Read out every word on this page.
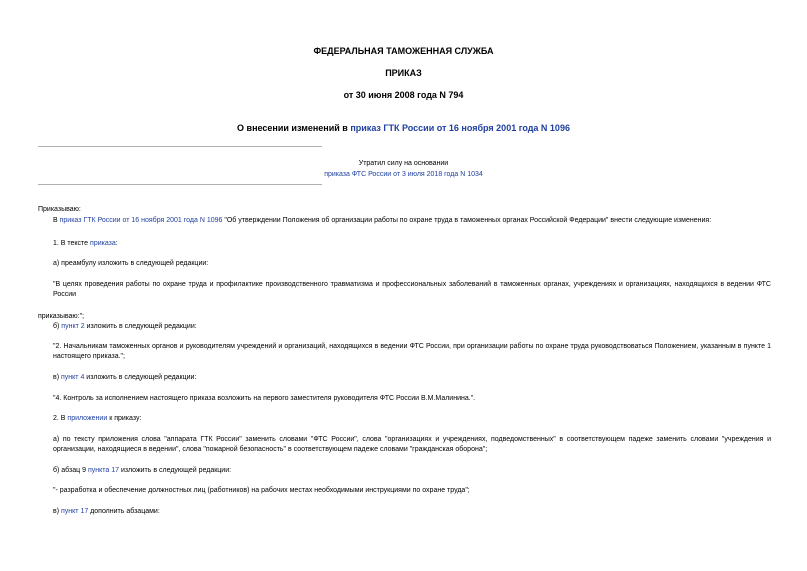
ФЕДЕРАЛЬНАЯ ТАМОЖЕННАЯ СЛУЖБА
ПРИКАЗ
от 30 июня 2008 года N 794
О внесении изменений в приказ ГТК России от 16 ноября 2001 года N 1096
Утратил силу на основании
приказа ФТС России от 3 июля 2018 года N 1034
Приказываю:
В приказ ГТК России от 16 ноября 2001 года N 1096 "Об утверждении Положения об организации работы по охране труда в таможенных органах Российской Федерации" внести следующие изменения:
1. В тексте приказа:
а) преамбулу изложить в следующей редакции:
"В целях проведения работы по охране труда и профилактике производственного травматизма и профессиональных заболеваний в таможенных органах, учреждениях и организациях, находящихся в ведении ФТС России
приказываю:";
б) пункт 2 изложить в следующей редакции:
"2. Начальникам таможенных органов и руководителям учреждений и организаций, находящихся в ведении ФТС России, при организации работы по охране труда руководствоваться Положением, указанным в пункте 1 настоящего приказа.";
в) пункт 4 изложить в следующей редакции:
"4. Контроль за исполнением настоящего приказа возложить на первого заместителя руководителя ФТС России В.М.Малинина.".
2. В приложении к приказу:
а) по тексту приложения слова "аппарата ГТК России" заменить словами "ФТС России", слова "организациях и учреждениях, подведомственных" в соответствующем падеже заменить словами "учреждения и организации, находящиеся в ведении", слова "пожарной безопасность" в соответствующем падеже словами "гражданская оборона";
б) абзац 9 пункта 17 изложить в следующей редакции:
"- разработка и обеспечение должностных лиц (работников) на рабочих местах необходимыми инструкциями по охране труда";
в) пункт 17 дополнить абзацами:
